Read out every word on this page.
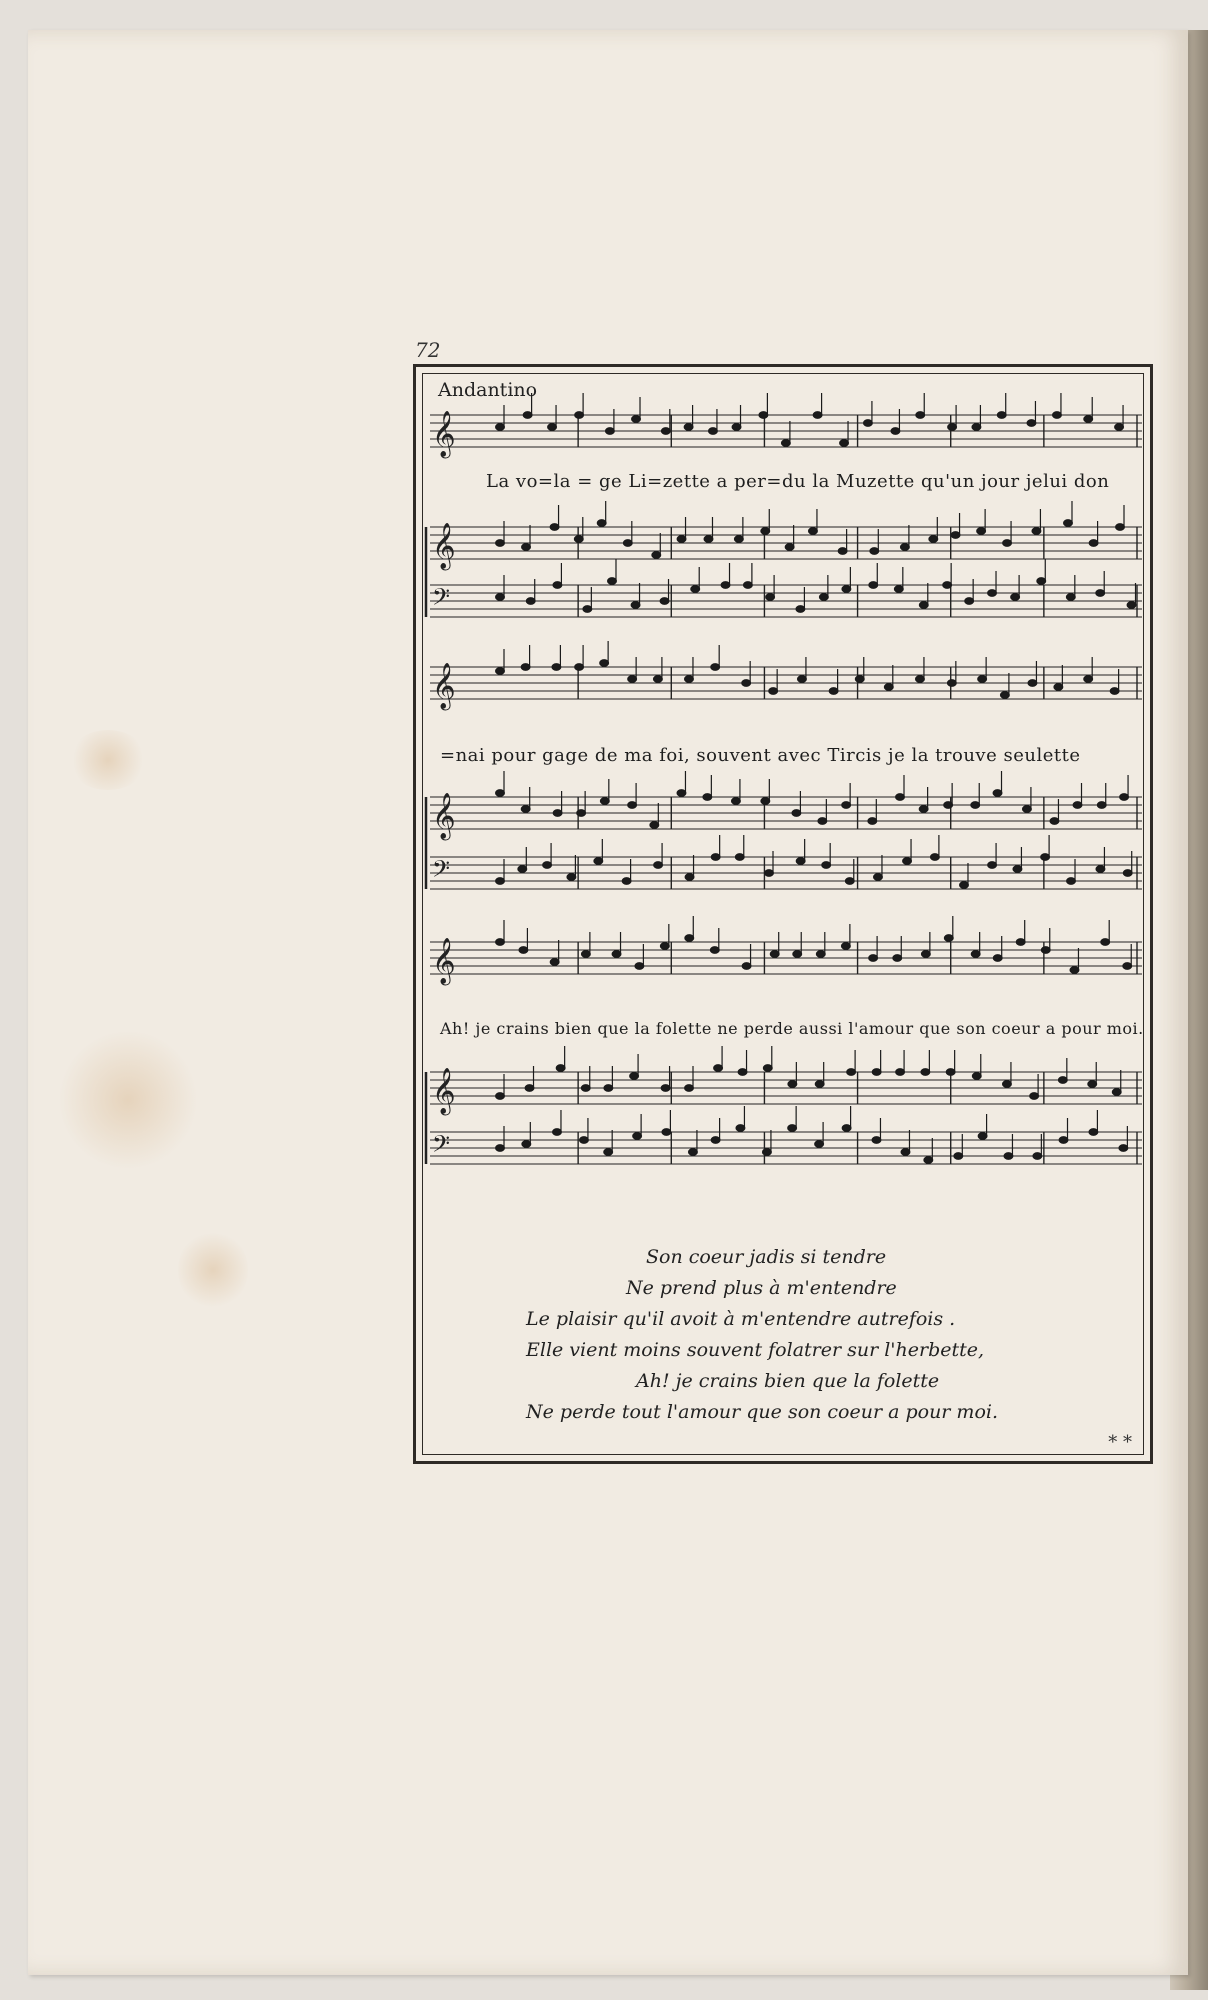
72
Andantino
𝄞
𝄞
𝄢
𝄞
𝄞
𝄢
𝄞
𝄞
𝄢
La vo=la = ge Li=zette a per=du la Muzette qu'un jour jelui don
=nai pour gage de ma foi, souvent avec Tircis je la trouve seulette
Ah! je crains bien que la folette ne perde aussi l'amour que son coeur a pour moi.
Son coeur jadis si tendre
Ne prend plus à m'entendre
Le plaisir qu'il avoit à m'entendre autrefois .
Elle vient moins souvent folatrer sur l'herbette,
Ah! je crains bien que la folette
Ne perde tout l'amour que son coeur a pour moi.
* *
